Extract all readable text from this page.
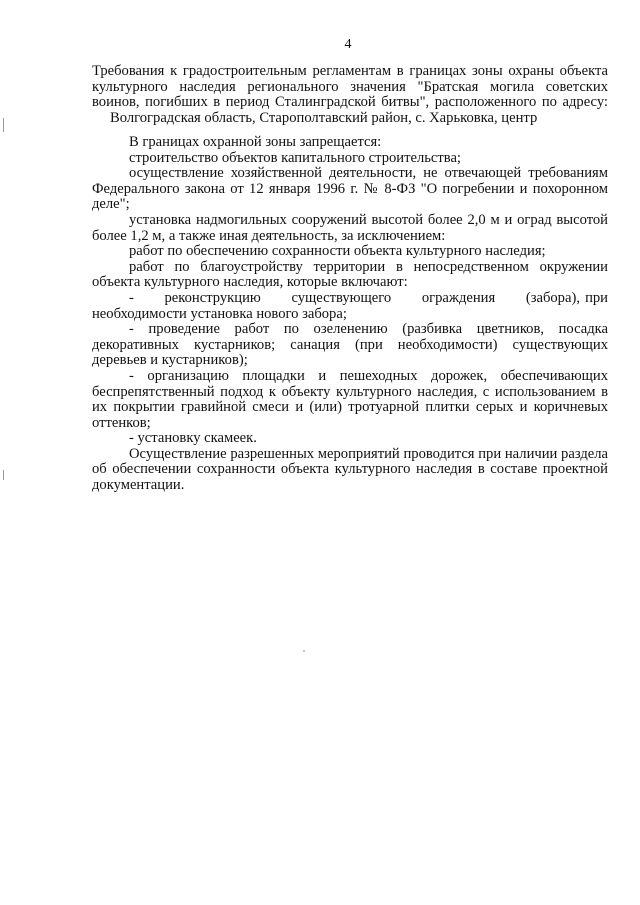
4
Требования к градостроительным регламентам в границах зоны охраны объекта
культурного наследия регионального значения "Братская могила советских
воинов, погибших в период Сталинградской битвы", расположенного по адресу:
Волгоградская область, Старополтавский район, с. Харьковка, центр

В границах охранной зоны запрещается:

строительство объектов капитального строительства;

осуществление хозяйственной деятельности, не отвечающей требованиям Федерального закона от 12 января 1996 г. № 8-ФЗ "О погребении и похоронном деле";

установка надмогильных сооружений высотой более 2,0 м и оград высотой более 1,2 м, а также иная деятельность, за исключением:

работ по обеспечению сохранности объекта культурного наследия;

работ по благоустройству территории в непосредственном окружении объекта культурного наследия, которые включают:

-      реконструкцию      существующего      ограждения      (забора), при необходимости установка нового забора;

- проведение работ по озеленению (разбивка цветников, посадка декоративных кустарников; санация (при необходимости) существующих деревьев и кустарников);

- организацию площадки и пешеходных дорожек, обеспечивающих беспрепятственный подход к объекту культурного наследия, с использованием в их покрытии гравийной смеси и (или) тротуарной плитки серых и коричневых оттенков;

- установку скамеек.

Осуществление разрешенных мероприятий проводится при наличии раздела об обеспечении сохранности объекта культурного наследия в составе проектной документации.
